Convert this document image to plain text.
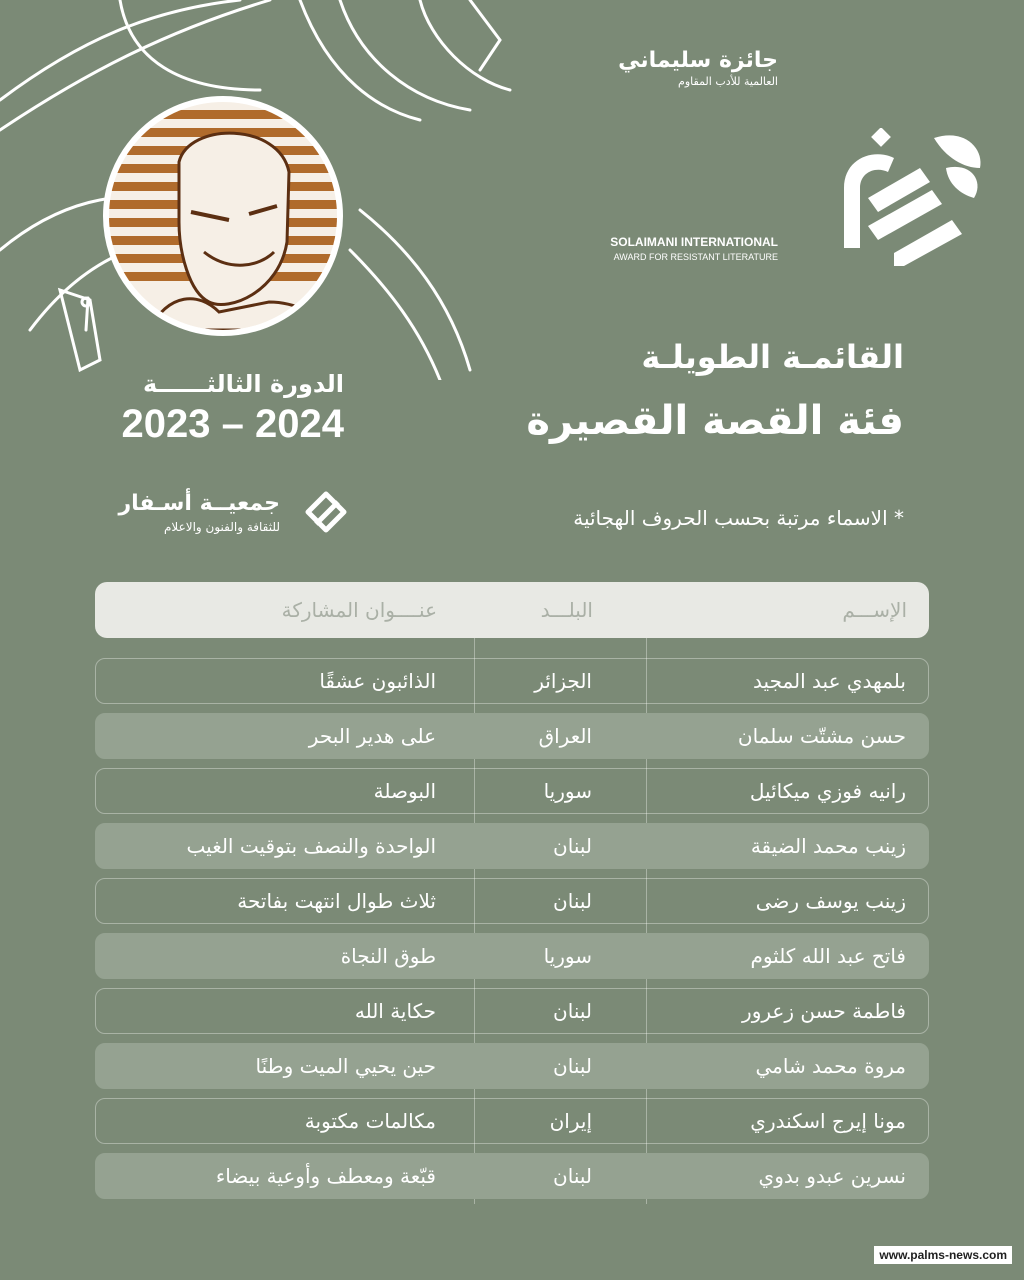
جائزة سليماني
العالمية للأدب المقاوم
SOLAIMANI INTERNATIONAL
AWARD FOR RESISTANT LITERATURE
القائمـة الطويلـة
فئة القصة القصيرة
الدورة الثالثــــــة
2023 – 2024
جمعيــة أسـفار
للثقافة والفنون والاعلام	* الاسماء مرتبة بحسب الحروف الهجائية
الإســـم
البلـــد
عنــــوان المشاركة
بلمهدي عبد المجيد
الجزائر
الذائبون عشقًا
حسن مشتّت سلمان
العراق
على هدير البحر
رانيه فوزي ميكائيل
سوريا
البوصلة
زينب محمد الضيقة
لبنان
الواحدة والنصف بتوقيت الغيب
زينب يوسف رضى
لبنان
ثلاث طوال انتهت بفاتحة
فاتح عبد الله كلثوم
سوريا
طوق النجاة
فاطمة حسن زعرور
لبنان
حكاية الله
مروة محمد شامي
لبنان
حين يحيي الميت وطنًا
مونا إيرج اسكندري
إيران
مكالمات مكتوبة
نسرين عبدو بدوي
لبنان
قبّعة ومعطف وأوعية بيضاء
www.palms-news.com
